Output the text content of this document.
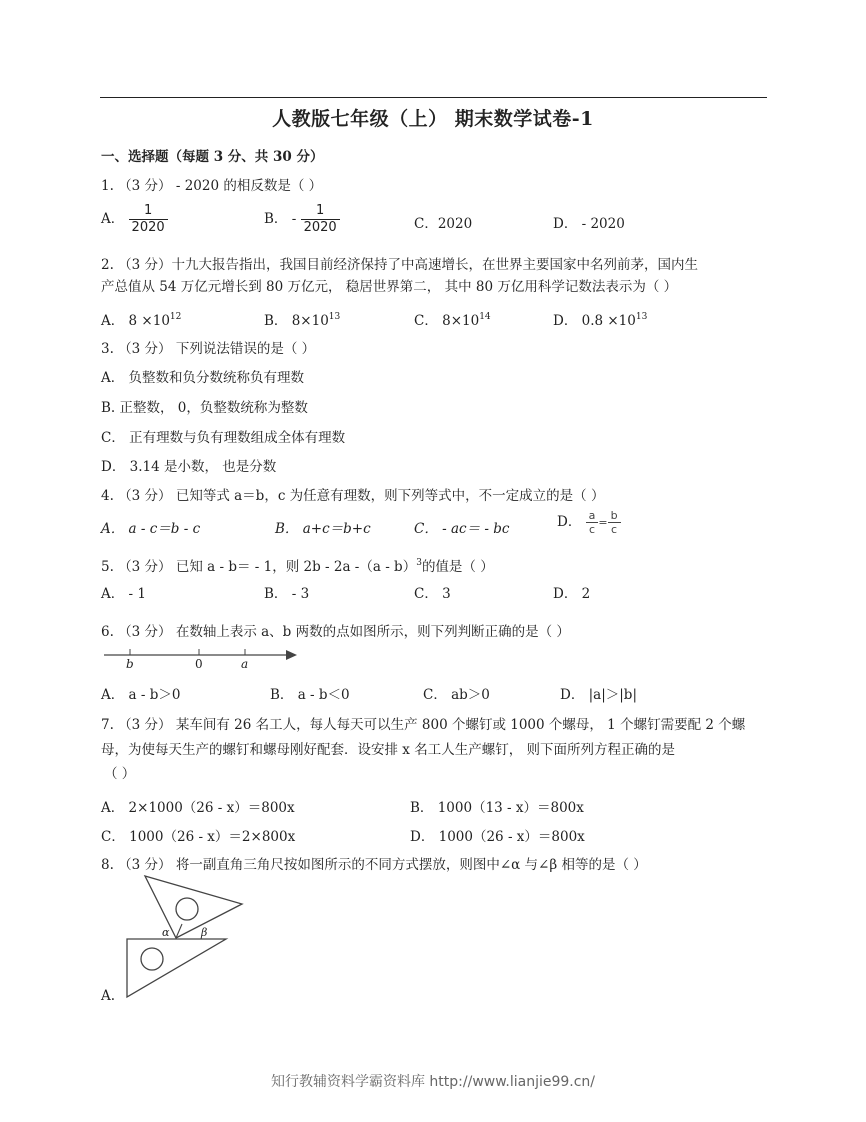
人教版七年级（上） 期末数学试卷-1
一、选择题（每题 3 分、共 30 分）
1. （3 分） - 2020 的相反数是（ ）
A． $\frac{1}{2020}$	B． - $\frac{1}{2020}$	C．2020	D． - 2020
2. （3 分）十九大报告指出，我国目前经济保持了中高速增长，在世界主要国家中名列前茅，国内生
产总值从 54 万亿元增长到 80 万亿元， 稳居世界第二， 其中 80 万亿用科学记数法表示为（ ）
A． $8 \times 10^{12}$	B． $8\times 10^{13}$	C． $8\times 10^{14}$	D． $0.8 \times 10^{13}$
3. （3 分） 下列说法错误的是（ ）
A． 负整数和负分数统称负有理数
B. 正整数， 0，负整数统称为整数
C． 正有理数与负有理数组成全体有理数
D． 3.14 是小数， 也是分数
4. （3 分） 已知等式 a＝b，c 为任意有理数，则下列等式中，不一定成立的是（ ）
A． a - c＝b - c	B． a+c＝b+c	C． - ac＝ - bc	D． $\frac{a}{c} = \frac{b}{c}$
5. （3 分） 已知 a - b＝ - 1，则 2b - 2a -（a - b）$^3$的值是（ ）
A． - 1	B． - 3	C． 3	D． 2
6. （3 分） 在数轴上表示 a、b 两数的点如图所示，则下列判断正确的是（ ）
b	0	a
A． a - b＞0	B． a - b＜0	C． ab＞0	D． |a|＞|b|
7. （3 分） 某车间有 26 名工人，每人每天可以生产 800 个螺钉或 1000 个螺母， 1 个螺钉需要配 2 个螺
母，为使每天生产的螺钉和螺母刚好配套．设安排 x 名工人生产螺钉， 则下面所列方程正确的是
（ ）
A． 2×1000（26 - x）＝800x	B． 1000（13 - x）＝800x
C． 1000（26 - x）＝2×800x	D． 1000（26 - x）＝800x
8. （3 分） 将一副直角三角尺按如图所示的不同方式摆放，则图中∠α 与∠β 相等的是（ ）
α	β
A.
知行教辅资料学霸资料库 http://www.lianjie99.cn/
